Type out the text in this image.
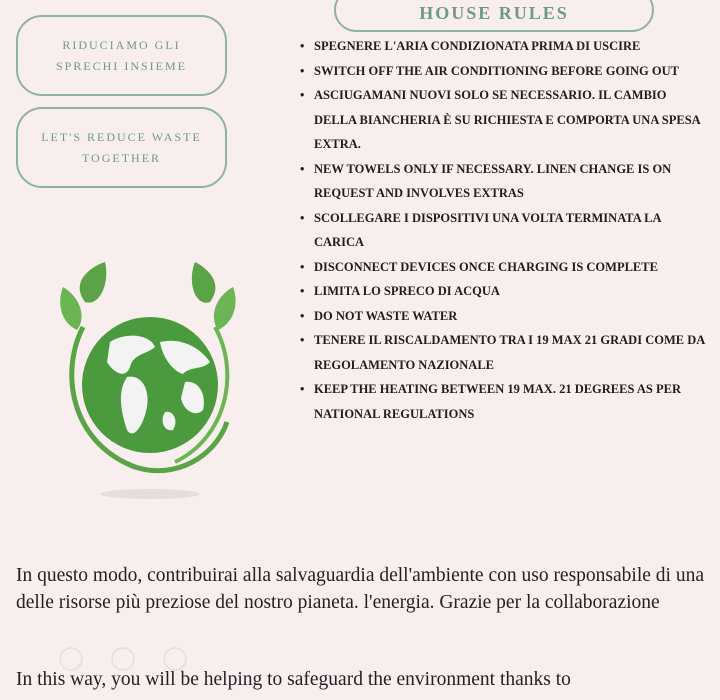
RIDUCIAMO GLI
SPRECHI INSIEME
LET'S REDUCE WASTE
TOGETHER
HOUSE RULES
• SPEGNERE L'ARIA CONDIZIONATA PRIMA DI USCIRE
• SWITCH OFF THE AIR CONDITIONING BEFORE GOING OUT
• ASCIUGAMANI NUOVI SOLO SE NECESSARIO. IL CAMBIO DELLA BIANCHERIA È SU RICHIESTA E COMPORTA UNA SPESA EXTRA.
• NEW TOWELS ONLY IF NECESSARY. LINEN CHANGE IS ON REQUEST AND INVOLVES EXTRAS
• SCOLLEGARE I DISPOSITIVI UNA VOLTA TERMINATA LA CARICA
• DISCONNECT DEVICES ONCE CHARGING IS COMPLETE
• LIMITA LO SPRECO DI ACQUA
• DO NOT WASTE WATER
• TENERE IL RISCALDAMENTO TRA I 19 MAX 21 GRADI COME DA REGOLAMENTO NAZIONALE
• KEEP THE HEATING BETWEEN 19 MAX. 21 DEGREES AS PER NATIONAL REGULATIONS

In questo modo, contribuirai alla salvaguardia dell'ambiente con uso responsabile di una delle risorse più preziose del nostro pianeta. l'energia. Grazie per la collaborazione

In this way, you will be helping to safeguard the environment thanks to
